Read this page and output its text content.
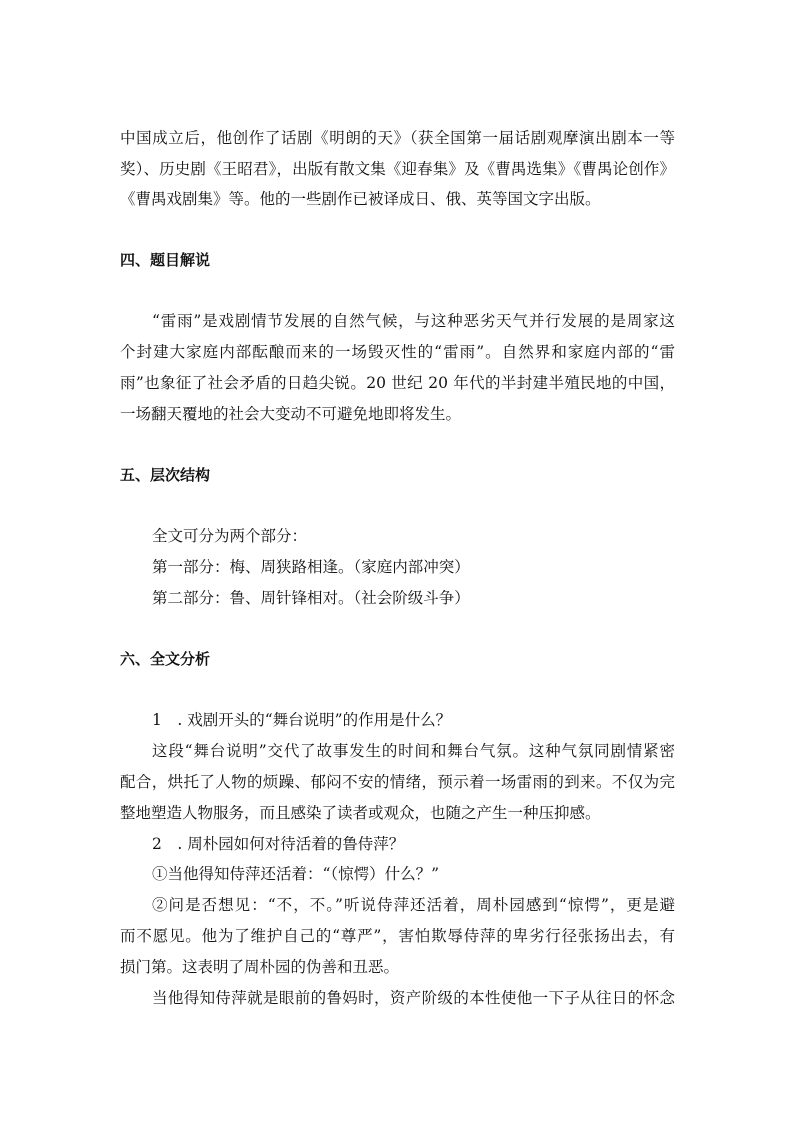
中国成立后，他创作了话剧《明朗的天》（获全国第一届话剧观摩演出剧本一等
奖）、历史剧《王昭君》，出版有散文集《迎春集》及《曹禺选集》《曹禺论创作》
《曹禺戏剧集》等。他的一些剧作已被译成日、俄、英等国文字出版。
四、题目解说
“雷雨”是戏剧情节发展的自然气候，与这种恶劣天气并行发展的是周家这
个封建大家庭内部酝酿而来的一场毁灭性的“雷雨”。自然界和家庭内部的“雷
雨”也象征了社会矛盾的日趋尖锐。20 世纪 20 年代的半封建半殖民地的中国，
一场翻天覆地的社会大变动不可避免地即将发生。
五、层次结构
全文可分为两个部分：
第一部分：梅、周狭路相逢。（家庭内部冲突）
第二部分：鲁、周针锋相对。（社会阶级斗争）
六、全文分析
1　. 戏剧开头的“舞台说明”的作用是什么？
这段“舞台说明”交代了故事发生的时间和舞台气氛。这种气氛同剧情紧密
配合，烘托了人物的烦躁、郁闷不安的情绪，预示着一场雷雨的到来。不仅为完
整地塑造人物服务，而且感染了读者或观众，也随之产生一种压抑感。
2　. 周朴园如何对待活着的鲁侍萍？
①当他得知侍萍还活着：“（惊愕）什么？”
②问是否想见：“不，不。”听说侍萍还活着，周朴园感到“惊愕”，更是避
而不愿见。他为了维护自己的“尊严”，害怕欺辱侍萍的卑劣行径张扬出去，有
损门第。这表明了周朴园的伪善和丑恶。
当他得知侍萍就是眼前的鲁妈时，资产阶级的本性使他一下子从往日的怀念
